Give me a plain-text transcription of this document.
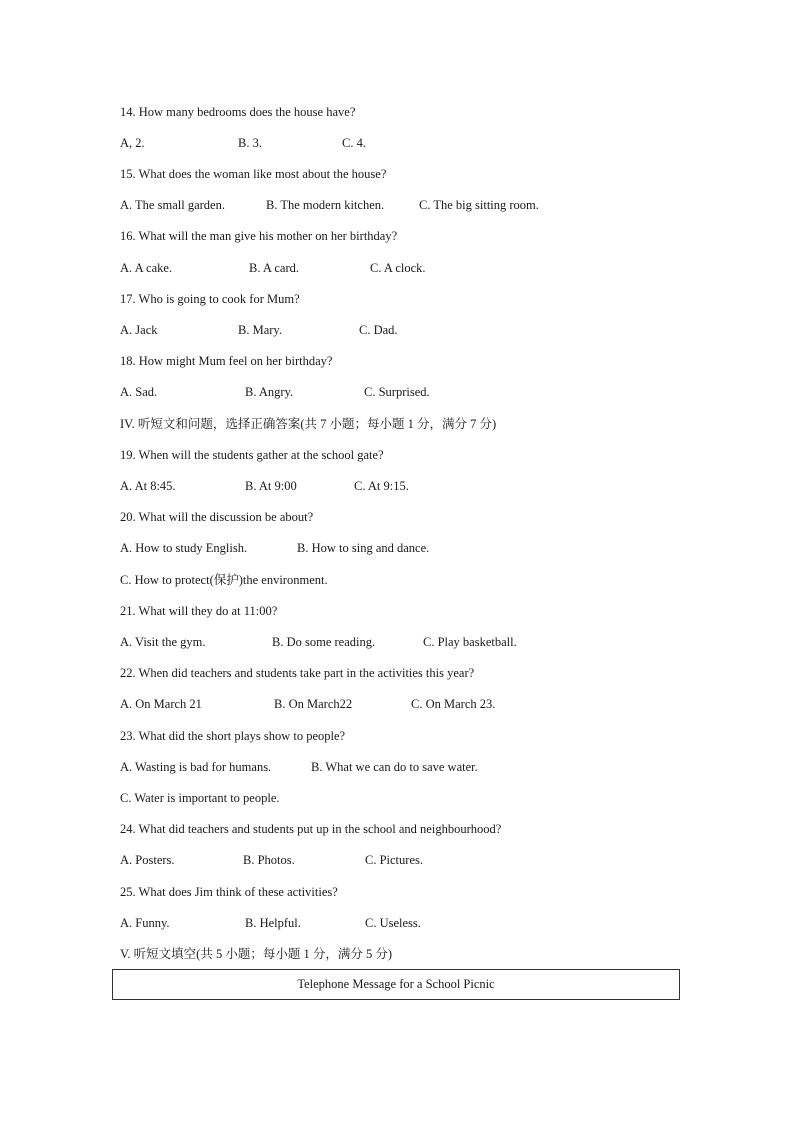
14. How many bedrooms does the house have?
A, 2.	B. 3.	C. 4.
15. What does the woman like most about the house?
A. The small garden.	B. The modern kitchen.	C. The big sitting room.
16. What will the man give his mother on her birthday?
A. A cake.	B. A card.	C. A clock.
17. Who is going to cook for Mum?
A. Jack	B. Mary.	C. Dad.
18. How might Mum feel on her birthday?
A. Sad.	B. Angry.	C. Surprised.
IV. 听短文和问题，选择正确答案(共 7 小题；每小题 1 分，满分 7 分)
19. When will the students gather at the school gate?
A. At 8:45.	B. At 9:00	C. At 9:15.
20. What will the discussion be about?
A. How to study English.	B. How to sing and dance.
C. How to protect(保护)the environment.
21. What will they do at 11:00?
A. Visit the gym.	B. Do some reading.	C. Play basketball.
22. When did teachers and students take part in the activities this year?
A. On March 21	B. On March22	C. On March 23.
23. What did the short plays show to people?
A. Wasting is bad for humans.	B. What we can do to save water.
C. Water is important to people.
24. What did teachers and students put up in the school and neighbourhood?
A. Posters.	B. Photos.	C. Pictures.
25. What does Jim think of these activities?
A. Funny.	B. Helpful.	C. Useless.
V. 听短文填空(共 5 小题；每小题 1 分，满分 5 分)
Telephone Message for a School Picnic
